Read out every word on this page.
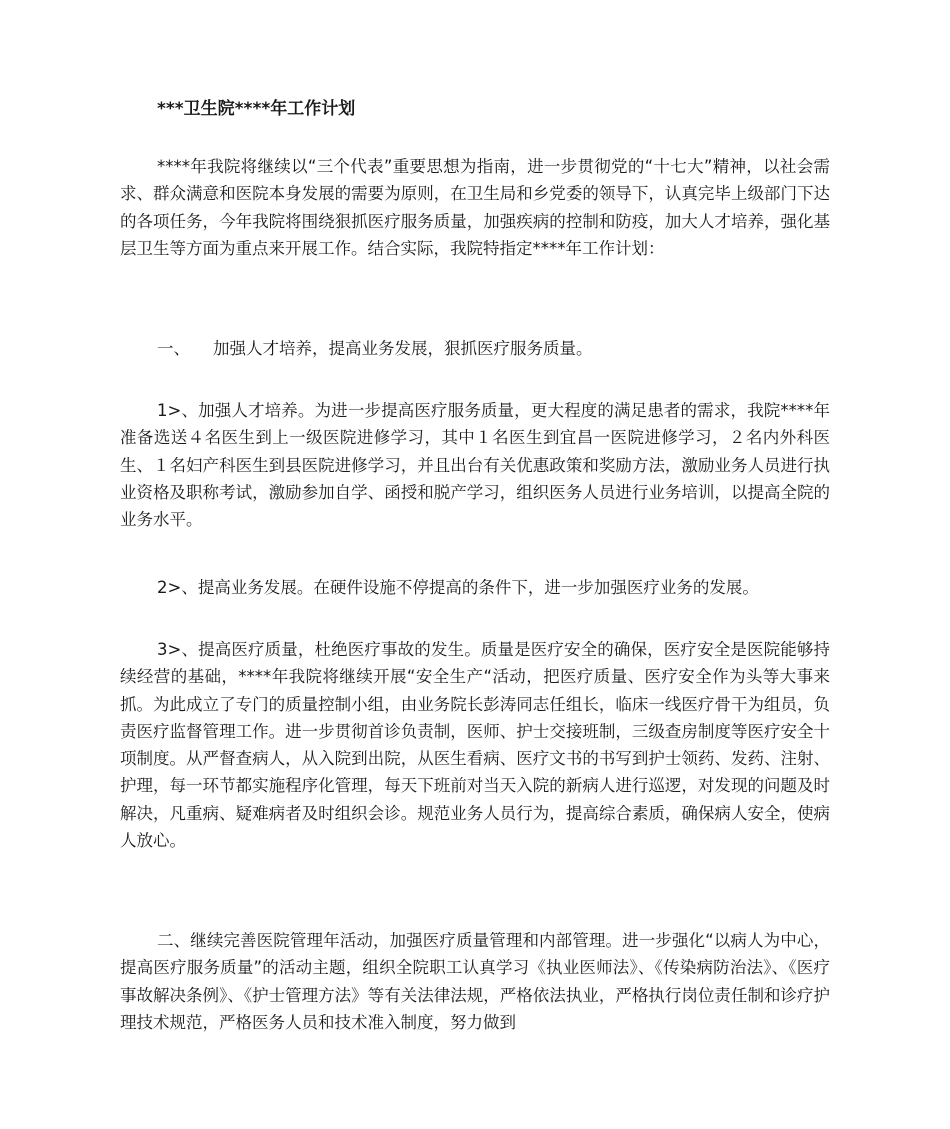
***卫生院****年工作计划

****年我院将继续以“三个代表”重要思想为指南，进一步贯彻党的“十七大”精神，以社会需求、群众满意和医院本身发展的需要为原则，在卫生局和乡党委的领导下，认真完毕上级部门下达的各项任务，今年我院将围绕狠抓医疗服务质量，加强疾病的控制和防疫，加大人才培养，强化基层卫生等方面为重点来开展工作。结合实际，我院特指定****年工作计划：

一、 加强人才培养，提高业务发展，狠抓医疗服务质量。

1>、加强人才培养。为进一步提高医疗服务质量，更大程度的满足患者的需求，我院****年准备选送４名医生到上一级医院进修学习，其中１名医生到宜昌一医院进修学习，２名内外科医生、１名妇产科医生到县医院进修学习，并且出台有关优惠政策和奖励方法，激励业务人员进行执业资格及职称考试，激励参加自学、函授和脱产学习，组织医务人员进行业务培训，以提高全院的业务水平。

2>、提高业务发展。在硬件设施不停提高的条件下，进一步加强医疗业务的发展。

3>、提高医疗质量，杜绝医疗事故的发生。质量是医疗安全的确保，医疗安全是医院能够持续经营的基础，****年我院将继续开展“安全生产“活动，把医疗质量、医疗安全作为头等大事来抓。为此成立了专门的质量控制小组，由业务院长彭涛同志任组长，临床一线医疗骨干为组员，负责医疗监督管理工作。进一步贯彻首诊负责制，医师、护士交接班制，三级查房制度等医疗安全十项制度。从严督查病人，从入院到出院，从医生看病、医疗文书的书写到护士领药、发药、注射、护理，每一环节都实施程序化管理，每天下班前对当天入院的新病人进行巡逻，对发现的问题及时解决，凡重病、疑难病者及时组织会诊。规范业务人员行为，提高综合素质，确保病人安全，使病人放心。

二、继续完善医院管理年活动，加强医疗质量管理和内部管理。进一步强化“以病人为中心，提高医疗服务质量”的活动主题，组织全院职工认真学习《执业医师法》、《传染病防治法》、《医疗事故解决条例》、《护士管理方法》等有关法律法规，严格依法执业，严格执行岗位责任制和诊疗护理技术规范，严格医务人员和技术准入制度，努力做到
